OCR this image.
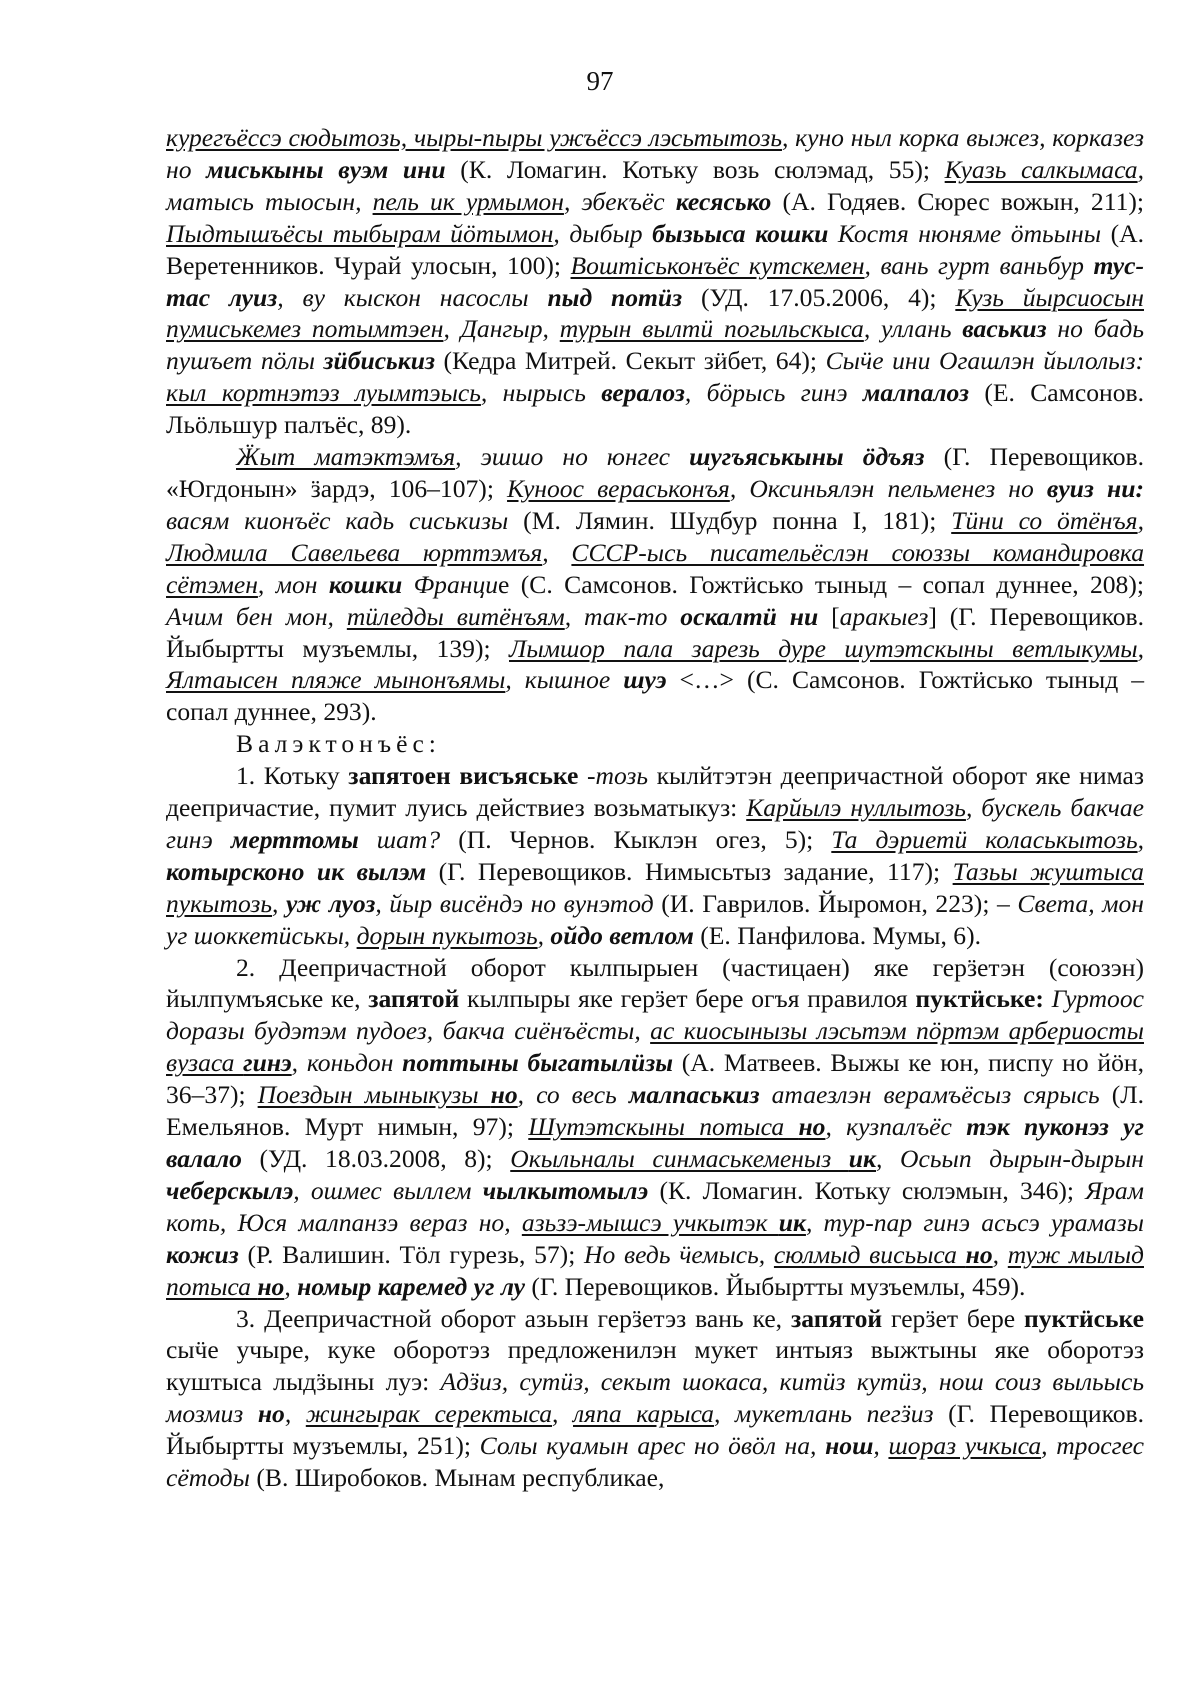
97

курегъёссэ сюдытозь, чыры-пыры ужъёссэ лэсьтытозь, куно ныл корка выжез, корказез но миськыны вуэм ини (К. Ломагин. Котьку возь сюлэмад, 55); Куазь салкымаса, матысь тыосын, пель ик урмымон, эбекъёс кесясько (А. Годяев. Сюрес вожын, 211); Пыдтышъёсы тыбырам йӧтымон, дыбыр бызьыса кошки Костя нюняме ӧтьыны (А. Веретенников. Чурай улосын, 100); Воштiськонъёс кутскемен, вань гурт ваньбур тус-тас луиз, ву кыскон насослы пыд потӥз (УД. 17.05.2006, 4); Кузь йырсиосын пумиськемез потымтэен, Дангыр, турын вылтӥ погыльскыса, уллань васькиз но бадь пушъет пӧлы зӥбиськиз (Кедра Митрей. Секыт зӥбет, 64); Сыӵе ини Огашлэн йылолыз: кыл кортнэтэз луымтэысь, нырысь вералоз, бӧрысь гинэ малпалоз (Е. Самсонов. Льӧльшур палъёс, 89).

Ӝыт матэктэмъя, эшшо но юнгес шугъяськыны ӧдъяз (Г. Перевощиков. «Югдонын» ӟардэ, 106–107); Куноос вераськонъя, Оксиньялэн пельменез но вуиз ни: васям кионъёс кадь сиськизы (М. Лямин. Шудбур понна I, 181); Тӥни со ӧтёнъя, Людмила Савельева юрттэмъя, СССР-ысь писательёслэн союззы командировка сётэмен, мон кошки Францие (С. Самсонов. Гожтӥсько тыныд – сопал дуннее, 208); Ачим бен мон, тӥледды витёнъям, так-то оскалтӥ ни [аракыез] (Г. Перевощиков. Йыбыртты музъемлы, 139); Лымшор пала зарезь дуре шутэтскыны ветлыкумы, Ялтаысен пляже мынонъямы, кышное шуэ <…> (С. Самсонов. Гожтӥсько тыныд – сопал дуннее, 293).

Валэктонъёс:

1. Котьку запятоен висъяське -тозь кылйтэтэн деепричастной оборот яке нимаз деепричастие, пумит луись действиез возьматыкуз: Карйылэ нуллытозь, бускель бакчае гинэ мерттомы шат? (П. Чернов. Кыклэн огез, 5); Та дэриетӥ коласькытозь, котырсконо ик вылэм (Г. Перевощиков. Нимысьтыз задание, 117); Тазьы жуштыса пукытозь, уж луоз, йыр висёндэ но вунэтод (И. Гаврилов. Йыромон, 223); – Света, мон уг шоккетӥськы, дорын пукытозь, ойдо ветлом (Е. Панфилова. Мумы, 6).

2. Деепричастной оборот кылпырыен (частицаен) яке герӟетэн (союзэн) йылпумъяське ке, запятой кылпыры яке герӟет бере огъя правилоя пуктӥське: Гуртоос доразы будэтэм пудоез, бакча сиёнъёсты, ас киосынызы лэсьтэм пӧртэм арбериосты вузаса гинэ, коньдон поттыны быгатылӥзы (А. Матвеев. Выжы ке юн, писпу но йӧн, 36–37); Поездын мыныкузы но, со весь малпаськиз атаезлэн верамъёсыз сярысь (Л. Емельянов. Мурт нимын, 97); Шутэтскыны потыса но, кузпалъёс тэк пуконэз уг валало (УД. 18.03.2008, 8); Окыльналы синмаськеменыз ик, Осьып дырын-дырын чеберскылэ, ошмес выллем чылкытомылэ (К. Ломагин. Котьку сюлэмын, 346); Ярам коть, Юся малпанзэ вераз но, азьзэ-мышсэ учкытэк ик, тур-пар гинэ асьсэ урамазы кожиз (Р. Валишин. Тӧл гурезь, 57); Но ведь ӵемысь, сюлмыд висьыса но, туж мылыд потыса но, номыр каремед уг лу (Г. Перевощиков. Йыбыртты музъемлы, 459).

3. Деепричастной оборот азьын герӟетэз вань ке, запятой герӟет бере пуктӥське сыӵе учыре, куке оборотэз предложенилэн мукет интыяз выжтыны яке оборотэз куштыса лыдӟыны луэ: Адӟиз, сутӥз, секыт шокаса, китӥз кутӥз, нош соиз выльысь мозмиз но, жингырак серектыса, ляпа карыса, мукетлань пегӟиз (Г. Перевощиков. Йыбыртты музъемлы, 251); Солы куамын арес но ӧвӧл на, нош, шораз учкыса, тросгес сётоды (В. Широбоков. Мынам республикае,
